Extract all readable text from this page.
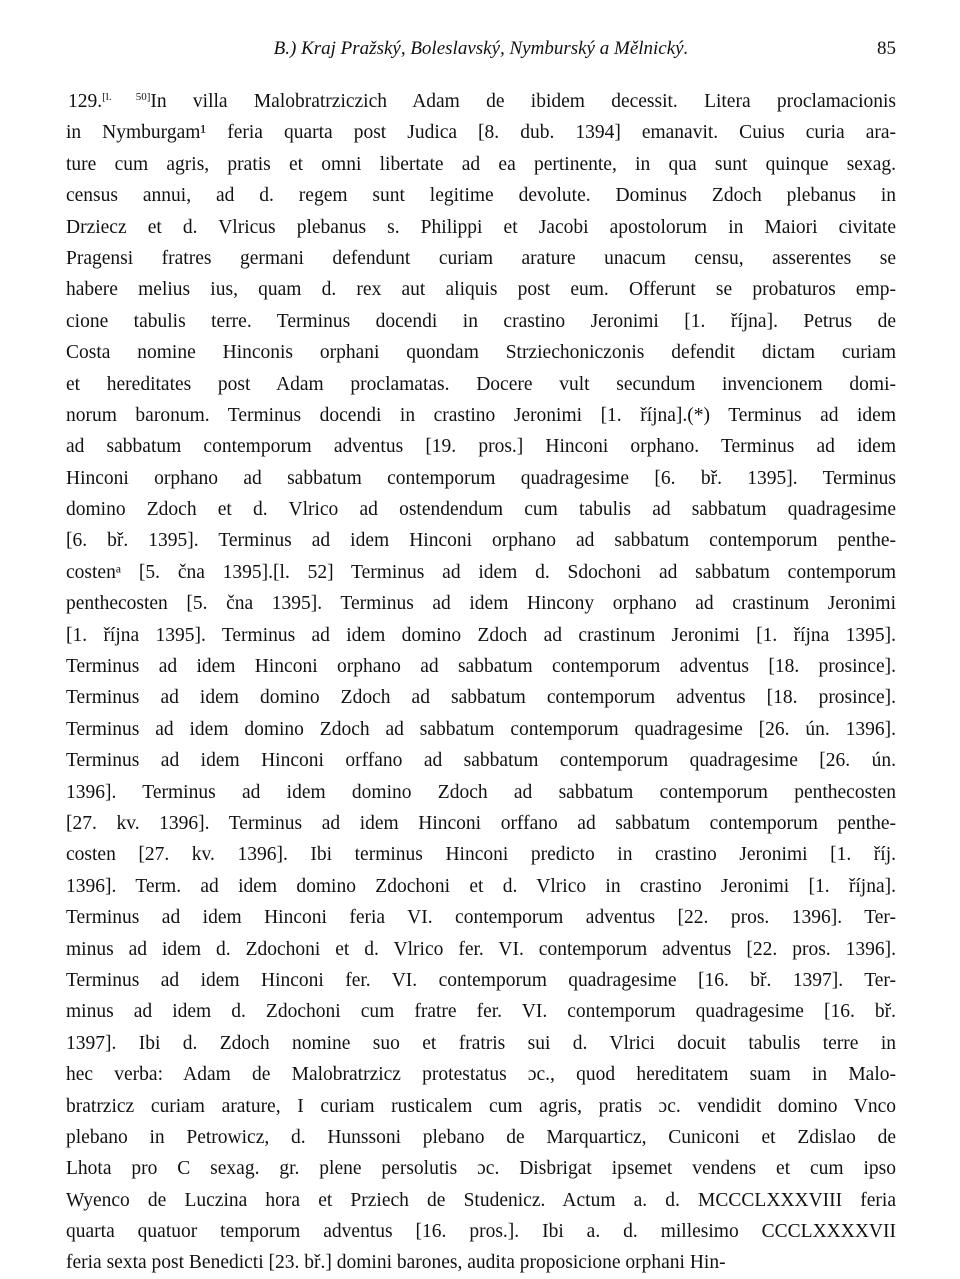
B.) Kraj Pražský, Boleslavský, Nymburský a Mělnický.	85
129.[l. 50]In villa Malobratrziczich Adam de ibidem decessit. Litera proclamacionis
in Nymburgam¹ feria quarta post Judica [8. dub. 1394] emanavit. Cuius curia ara-
ture cum agris, pratis et omni libertate ad ea pertinente, in qua sunt quinque sexag.
census annui, ad d. regem sunt legitime devolute. Dominus Zdoch plebanus in
Drziecz et d. Vlricus plebanus s. Philippi et Jacobi apostolorum in Maiori civitate
Pragensi fratres germani defendunt curiam arature unacum censu, asserentes se
habere melius ius, quam d. rex aut aliquis post eum. Offerunt se probaturos emp-
cione tabulis terre. Terminus docendi in crastino Jeronimi [1. října]. Petrus de
Costa nomine Hinconis orphani quondam Strziechoniczonis defendit dictam curiam
et hereditates post Adam proclamatas. Docere vult secundum invencionem domi-
norum baronum. Terminus docendi in crastino Jeronimi [1. října].(*) Terminus ad idem
ad sabbatum contemporum adventus [19. pros.] Hinconi orphano. Terminus ad idem
Hinconi orphano ad sabbatum contemporum quadragesime [6. bř. 1395]. Terminus
domino Zdoch et d. Vlrico ad ostendendum cum tabulis ad sabbatum quadragesime
[6. bř. 1395]. Terminus ad idem Hinconi orphano ad sabbatum contemporum penthe-
costenᵃ [5. čna 1395].[l. 52] Terminus ad idem d. Sdochoni ad sabbatum contemporum
penthecosten [5. čna 1395]. Terminus ad idem Hincony orphano ad crastinum Jeronimi
[1. října 1395]. Terminus ad idem domino Zdoch ad crastinum Jeronimi [1. října 1395].
Terminus ad idem Hinconi orphano ad sabbatum contemporum adventus [18. prosince].
Terminus ad idem domino Zdoch ad sabbatum contemporum adventus [18. prosince].
Terminus ad idem domino Zdoch ad sabbatum contemporum quadragesime [26. ún. 1396].
Terminus ad idem Hinconi orffano ad sabbatum contemporum quadragesime [26. ún.
1396]. Terminus ad idem domino Zdoch ad sabbatum contemporum penthecosten
[27. kv. 1396]. Terminus ad idem Hinconi orffano ad sabbatum contemporum penthe-
costen [27. kv. 1396]. Ibi terminus Hinconi predicto in crastino Jeronimi [1. říj.
1396]. Term. ad idem domino Zdochoni et d. Vlrico in crastino Jeronimi [1. října].
Terminus ad idem Hinconi feria VI. contemporum adventus [22. pros. 1396]. Ter-
minus ad idem d. Zdochoni et d. Vlrico fer. VI. contemporum adventus [22. pros. 1396].
Terminus ad idem Hinconi fer. VI. contemporum quadragesime [16. bř. 1397]. Ter-
minus ad idem d. Zdochoni cum fratre fer. VI. contemporum quadragesime [16. bř.
1397]. Ibi d. Zdoch nomine suo et fratris sui d. Vlrici docuit tabulis terre in
hec verba: Adam de Malobratrzicz protestatus ɔc., quod hereditatem suam in Malo-
bratrzicz curiam arature, I curiam rusticalem cum agris, pratis ɔc. vendidit domino Vnco
plebano in Petrowicz, d. Hunssoni plebano de Marquarticz, Cuniconi et Zdislao de
Lhota pro C sexag. gr. plene persolutis ɔc. Disbrigat ipsemet vendens et cum ipso
Wyenco de Luczina hora et Prziech de Studenicz. Actum a. d. MCCCLXXXVIII feria
quarta quatuor temporum adventus [16. pros.]. Ibi a. d. millesimo CCCLXXXXVII
feria sexta post Benedicti [23. bř.] domini barones, audita proposicione orphani Hin-
